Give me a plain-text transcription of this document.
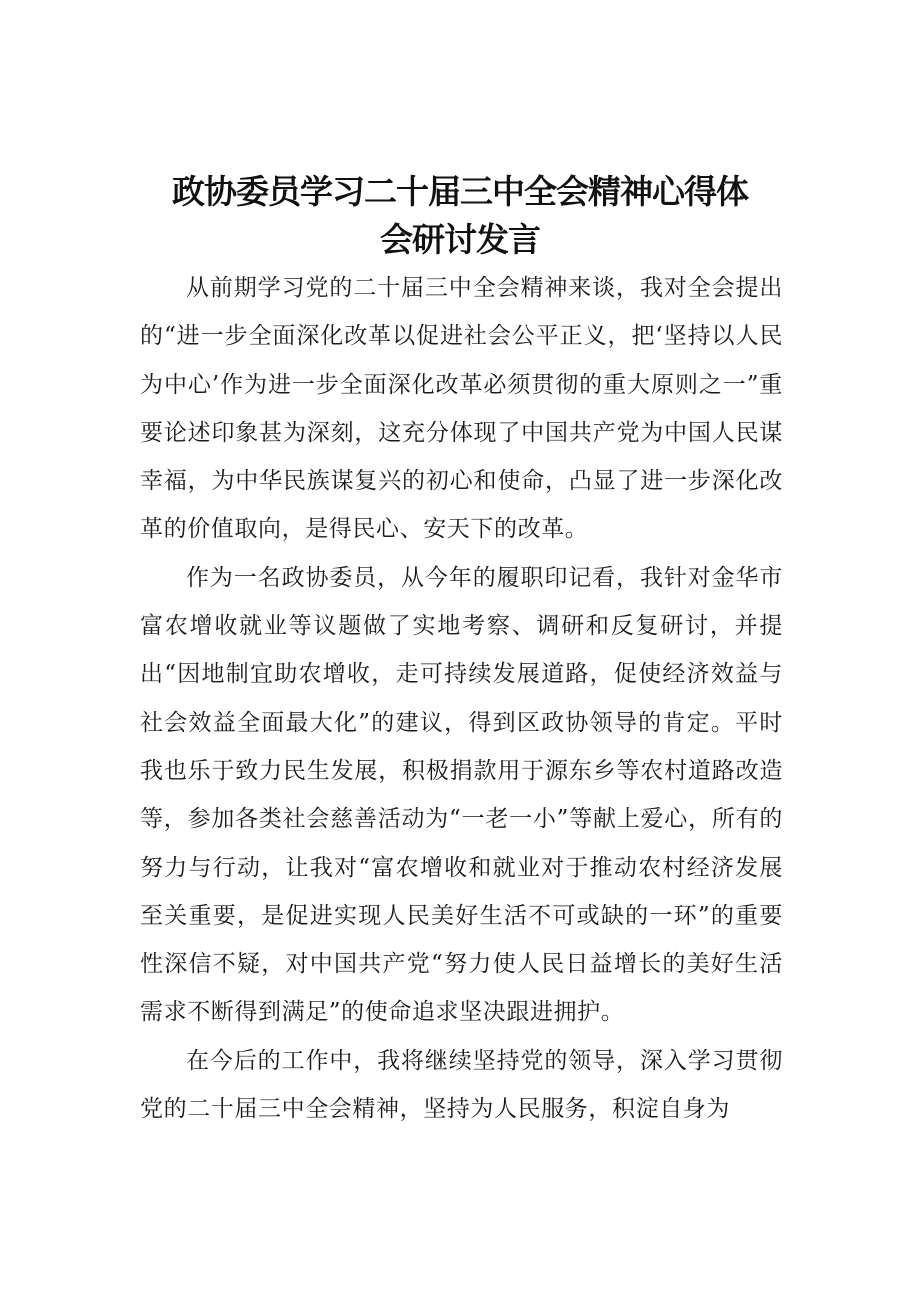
政协委员学习二十届三中全会精神心得体
会研讨发言

从前期学习党的二十届三中全会精神来谈，我对全会提出的“进一步全面深化改革以促进社会公平正义，把‘坚持以人民为中心’作为进一步全面深化改革必须贯彻的重大原则之一”重要论述印象甚为深刻，这充分体现了中国共产党为中国人民谋幸福，为中华民族谋复兴的初心和使命，凸显了进一步深化改革的价值取向，是得民心、安天下的改革。

作为一名政协委员，从今年的履职印记看，我针对金华市富农增收就业等议题做了实地考察、调研和反复研讨，并提出“因地制宜助农增收，走可持续发展道路，促使经济效益与社会效益全面最大化”的建议，得到区政协领导的肯定。平时我也乐于致力民生发展，积极捐款用于源东乡等农村道路改造等，参加各类社会慈善活动为“一老一小”等献上爱心，所有的努力与行动，让我对“富农增收和就业对于推动农村经济发展至关重要，是促进实现人民美好生活不可或缺的一环”的重要性深信不疑，对中国共产党“努力使人民日益增长的美好生活需求不断得到满足”的使命追求坚决跟进拥护。

在今后的工作中，我将继续坚持党的领导，深入学习贯彻党的二十届三中全会精神，坚持为人民服务，积淀自身为
